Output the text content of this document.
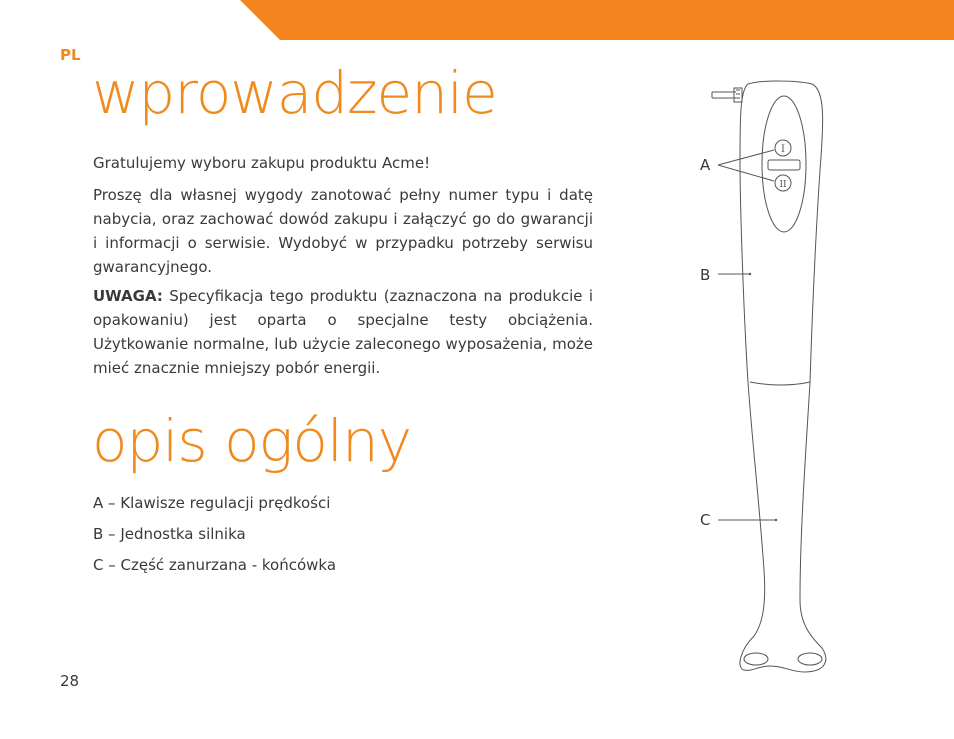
PL
wprowadzenie
Gratulujemy wyboru zakupu produktu Acme!
Proszę dla własnej wygody zanotować pełny numer typu i datę nabycia, oraz zachować dowód zakupu i załączyć go do gwarancji i informacji o serwisie. Wydobyć w przypadku potrzeby serwisu gwarancyjnego.
UWAGA: Specyfikacja tego produktu (zaznaczona na produkcie i opakowaniu) jest oparta o specjalne testy obciążenia. Użytkowanie normalne, lub użycie zaleconego wyposażenia, może mieć znacznie mniejszy pobór energii.
opis ogólny
A – Klawisze regulacji prędkości
B – Jednostka silnika
C – Część zanurzana - końcówka
A
B
C
I
II
28
